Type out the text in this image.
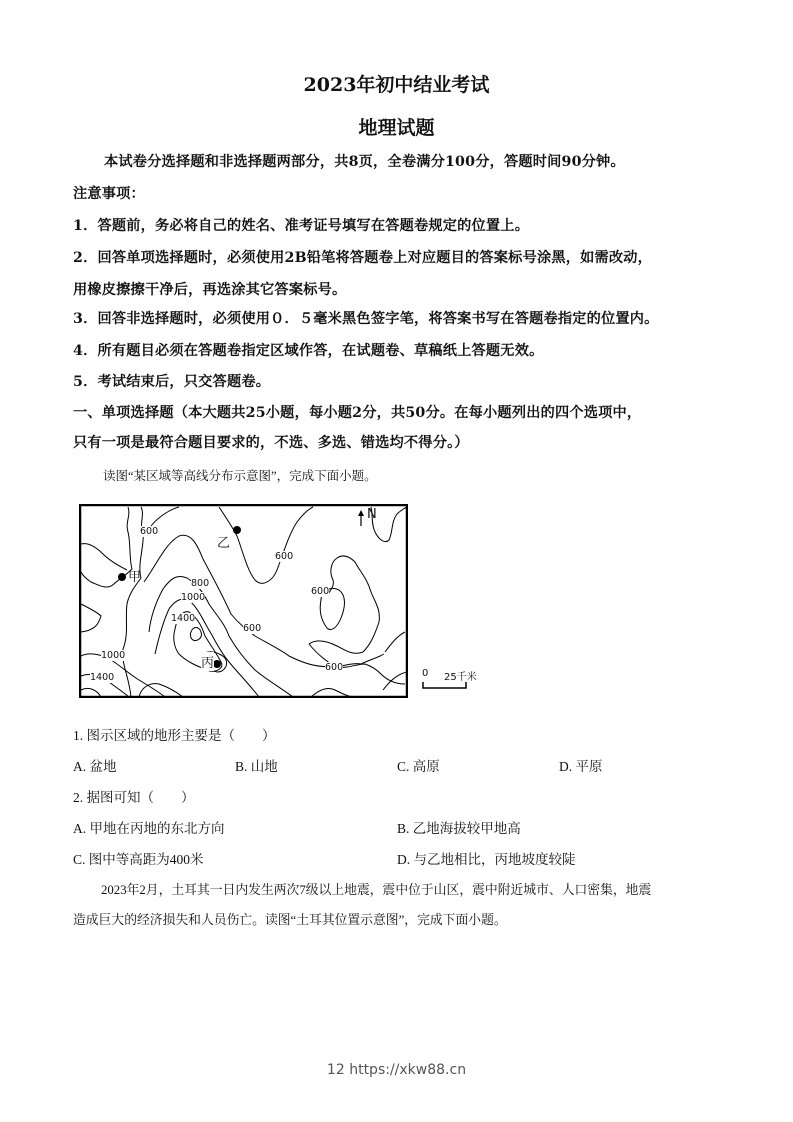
2023年初中结业考试
地理试题
本试卷分选择题和非选择题两部分，共8页，全卷满分100分，答题时间90分钟。
注意事项：
1．答题前，务必将自己的姓名、准考证号填写在答题卷规定的位置上。
2．回答单项选择题时，必须使用2B铅笔将答题卷上对应题目的答案标号涂黑，如需改动，
用橡皮擦擦干净后，再选涂其它答案标号。
3．回答非选择题时，必须使用０．５毫米黑色签字笔，将答案书写在答题卷指定的位置内。
4．所有题目必须在答题卷指定区域作答，在试题卷、草稿纸上答题无效。
5．考试结束后，只交答题卷。
一、单项选择题（本大题共25小题，每小题2分，共50分。在每小题列出的四个选项中，
只有一项是最符合题目要求的，不选、多选、错选均不得分。）
读图“某区域等高线分布示意图”，完成下面小题。
N
甲
乙
丙
600
600
600
600
600
800
1000
1400
1000
1400	0 25千米
1. 图示区域的地形主要是（　　）
A. 盆地	B. 山地	C. 高原	D. 平原
2. 据图可知（　　）
A. 甲地在丙地的东北方向	B. 乙地海拔较甲地高
C. 图中等高距为400米	D. 与乙地相比，丙地坡度较陡
2023年2月，土耳其一日内发生两次7级以上地震，震中位于山区，震中附近城市、人口密集，地震
造成巨大的经济损失和人员伤亡。读图“土耳其位置示意图”，完成下面小题。
12 https://xkw88.cn
